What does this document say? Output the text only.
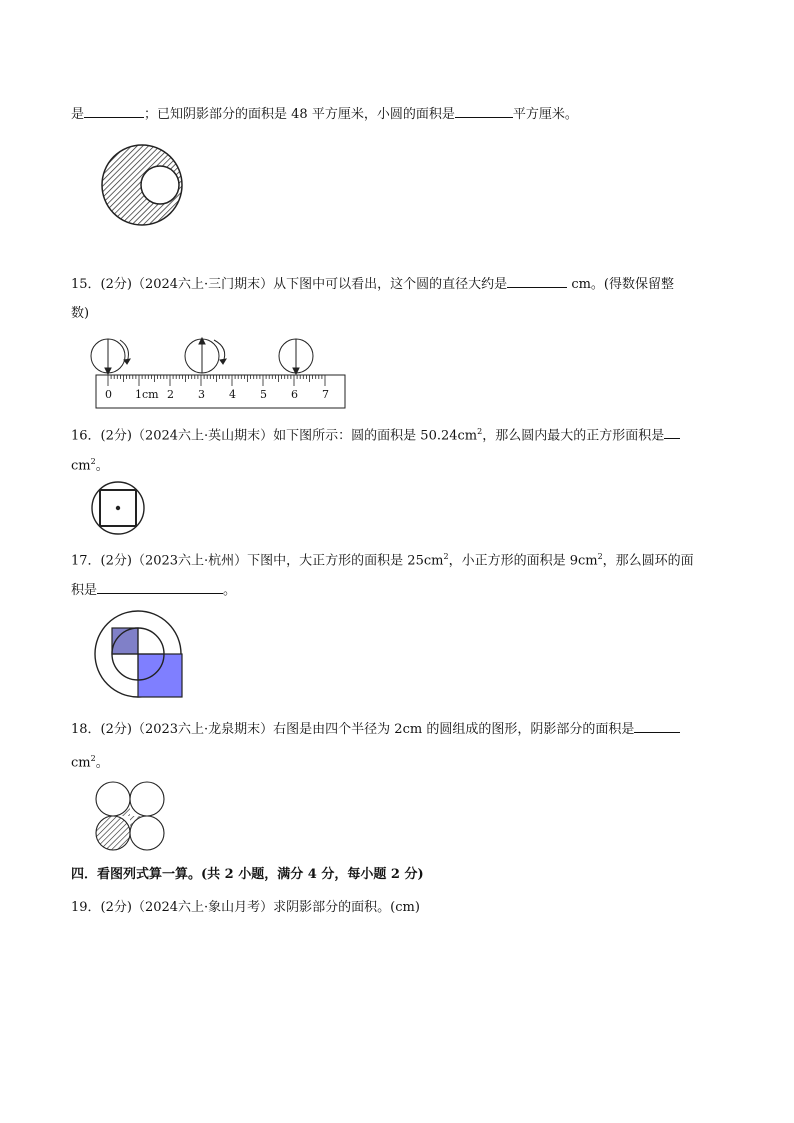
是	；已知阴影部分的面积是 48 平方厘米，小圆的面积是	平方厘米。
15．(2分)（2024六上·三门期末）从下图中可以看出，这个圆的直径大约是	cm。(得数保留整
数)
0 1cm 2 3 4 5 6 7
16．(2分)（2024六上·英山期末）如下图所示：圆的面积是 $50.24cm^2$，那么圆内最大的正方形面积是
$cm^2$。
17．(2分)（2023六上·杭州）下图中，大正方形的面积是 $25cm^2$，小正方形的面积是 $9cm^2$，那么圆环的面
积是	。
18．(2分)（2023六上·龙泉期末）右图是由四个半径为 2cm 的圆组成的图形，阴影部分的面积是
$cm^2$。
四．看图列式算一算。(共 2 小题，满分 4 分，每小题 2 分)
19．(2分)（2024六上·象山月考）求阴影部分的面积。(cm)
